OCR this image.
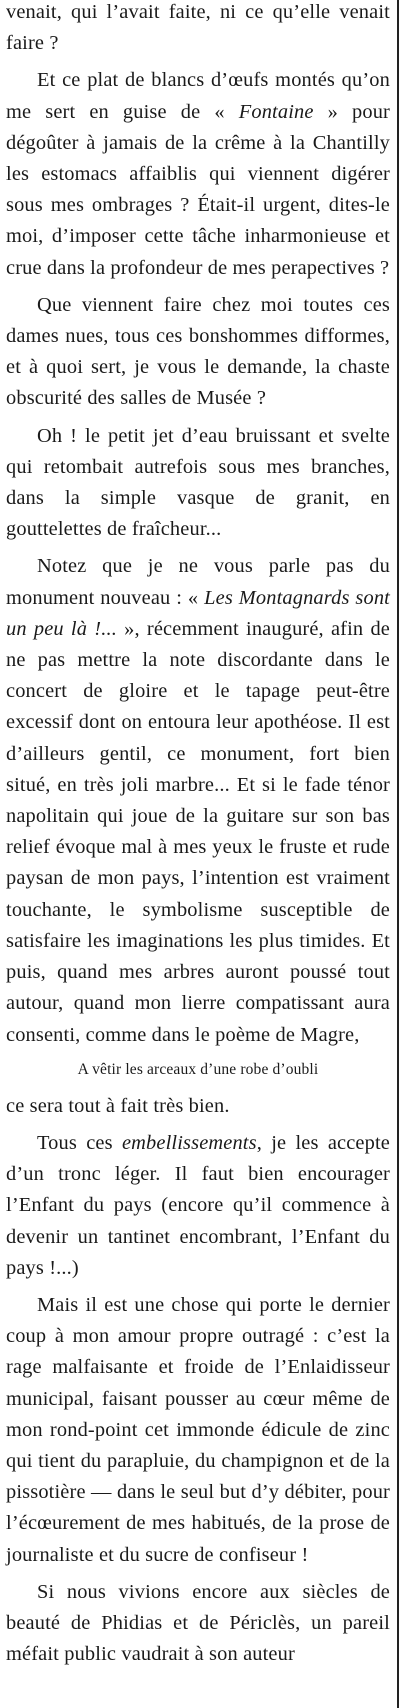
venait, qui l’avait faite, ni ce qu’elle venait faire ?

Et ce plat de blancs d’œufs montés qu’on me sert en guise de « Fontaine » pour dégoûter à jamais de la crême à la Chantilly les estomacs affaiblis qui viennent digérer sous mes ombrages ? Était-il urgent, dites-le moi, d’imposer cette tâche inharmonieuse et crue dans la profondeur de mes perapectives ?

Que viennent faire chez moi toutes ces dames nues, tous ces bonshommes difformes, et à quoi sert, je vous le demande, la chaste obscurité des salles de Musée ?

Oh ! le petit jet d’eau bruissant et svelte qui retombait autrefois sous mes branches, dans la simple vasque de granit, en gouttelettes de fraîcheur...

Notez que je ne vous parle pas du monument nouveau : « Les Montagnards sont un peu là !... », récemment inauguré, afin de ne pas mettre la note discordante dans le concert de gloire et le tapage peut-être excessif dont on entoura leur apothéose. Il est d’ailleurs gentil, ce monument, fort bien situé, en très joli marbre... Et si le fade ténor napolitain qui joue de la guitare sur son bas relief évoque mal à mes yeux le fruste et rude paysan de mon pays, l’intention est vraiment touchante, le symbolisme susceptible de satisfaire les imaginations les plus timides. Et puis, quand mes arbres auront poussé tout autour, quand mon lierre compatissant aura consenti, comme dans le poème de Magre,

A vêtir les arceaux d’une robe d’oubli

ce sera tout à fait très bien.

Tous ces embellissements, je les accepte d’un tronc léger. Il faut bien encourager l’Enfant du pays (encore qu’il commence à devenir un tantinet encombrant, l’Enfant du pays !...)

Mais il est une chose qui porte le dernier coup à mon amour propre outragé : c’est la rage malfaisante et froide de l’Enlaidisseur municipal, faisant pousser au cœur même de mon rond-point cet immonde édicule de zinc qui tient du parapluie, du champignon et de la pissotière — dans le seul but d’y débiter, pour l’écœurement de mes habitués, de la prose de journaliste et du sucre de confiseur !

Si nous vivions encore aux siècles de beauté de Phidias et de Périclès, un pareil méfait public vaudrait à son auteur
